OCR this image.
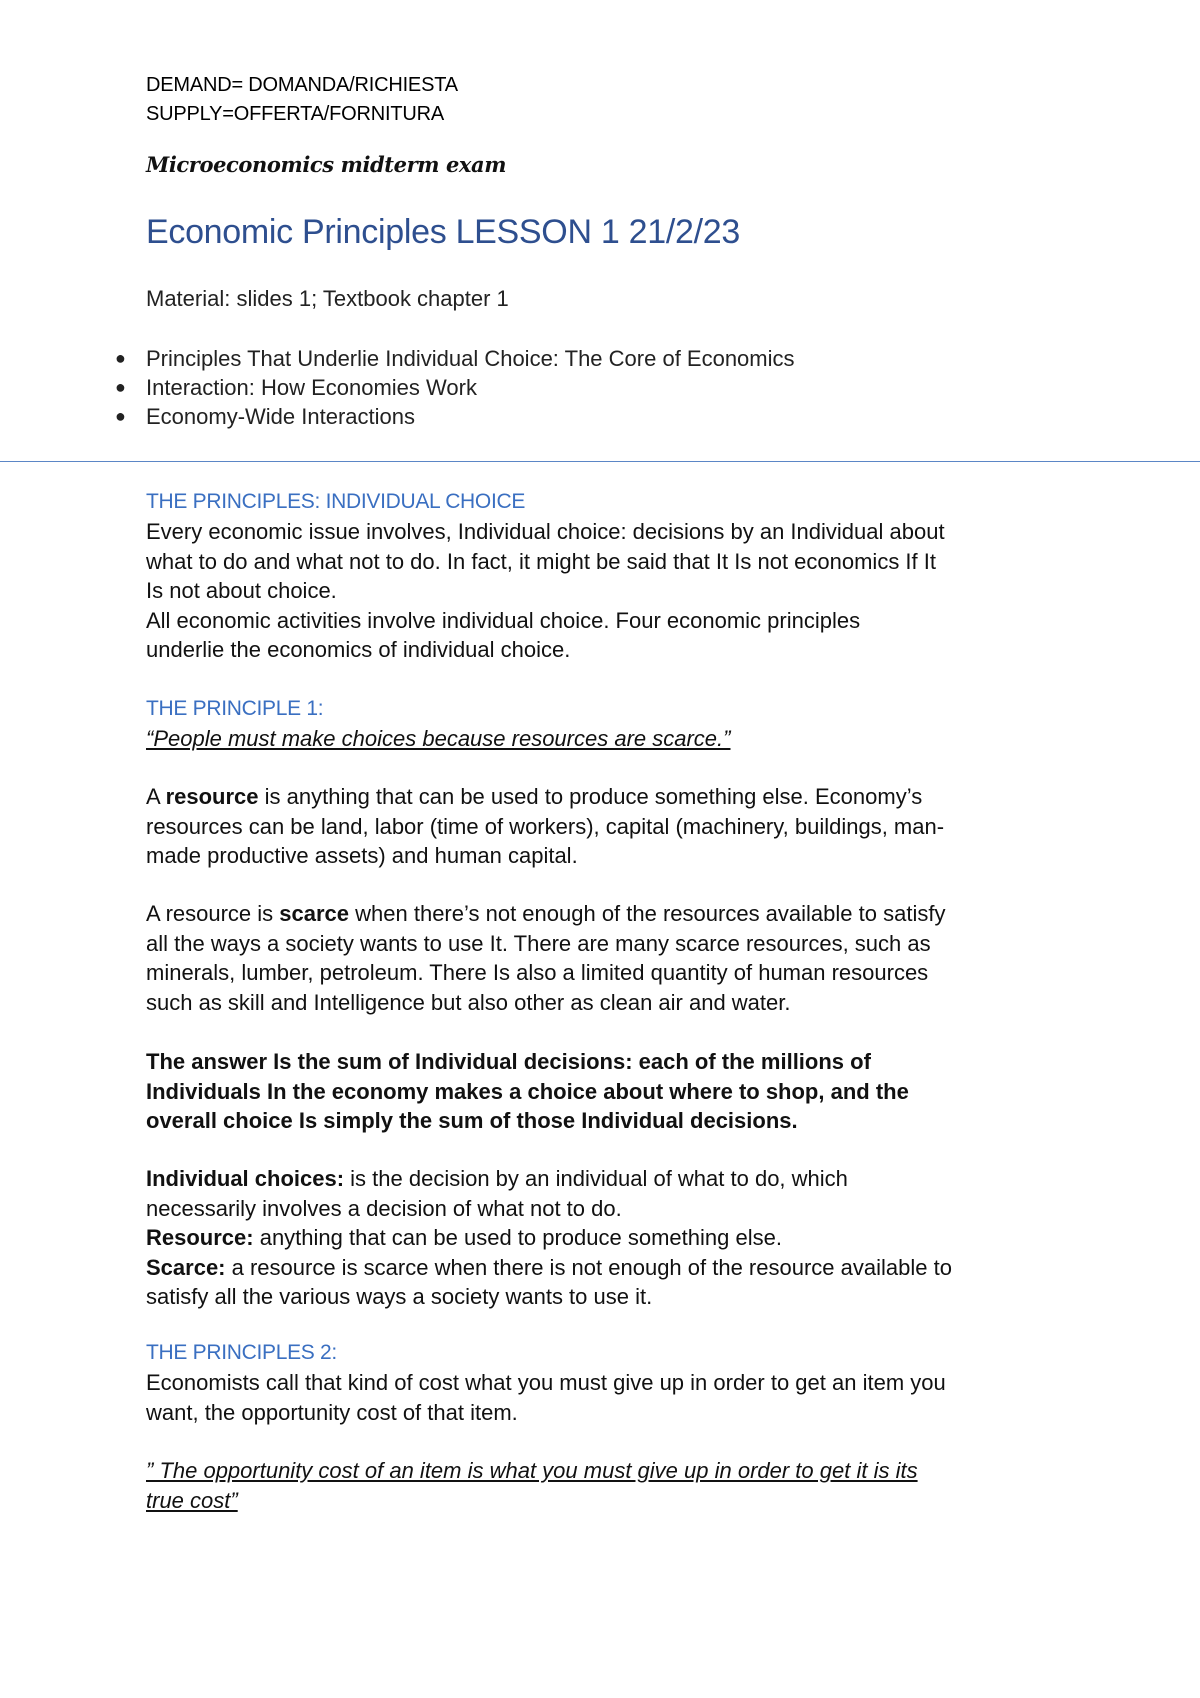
DEMAND= DOMANDA/RICHIESTA
SUPPLY=OFFERTA/FORNITURA
Microeconomics midterm exam
Economic Principles LESSON 1 21/2/23
Material: slides 1; Textbook chapter 1
● Principles That Underlie Individual Choice: The Core of Economics
● Interaction: How Economies Work
● Economy-Wide Interactions
THE PRINCIPLES: INDIVIDUAL CHOICE

Every economic issue involves, Individual choice: decisions by an Individual about

what to do and what not to do. In fact, it might be said that It Is not economics If It

Is not about choice.

All economic activities involve individual choice. Four economic principles

underlie the economics of individual choice.

THE PRINCIPLE 1:
“People must make choices because resources are scarce.”

A resource is anything that can be used to produce something else. Economy’s

resources can be land, labor (time of workers), capital (machinery, buildings, man-

made productive assets) and human capital.

A resource is scarce when there’s not enough of the resources available to satisfy

all the ways a society wants to use It. There are many scarce resources, such as

minerals, lumber, petroleum. There Is also a limited quantity of human resources

such as skill and Intelligence but also other as clean air and water.

The answer Is the sum of Individual decisions: each of the millions of

Individuals In the economy makes a choice about where to shop, and the

overall choice Is simply the sum of those Individual decisions.

Individual choices: is the decision by an individual of what to do, which

necessarily involves a decision of what not to do.

Resource: anything that can be used to produce something else.

Scarce: a resource is scarce when there is not enough of the resource available to

satisfy all the various ways a society wants to use it.

THE PRINCIPLES 2:

Economists call that kind of cost what you must give up in order to get an item you

want, the opportunity cost of that item.

” The opportunity cost of an item is what you must give up in order to get it is its
true cost”
